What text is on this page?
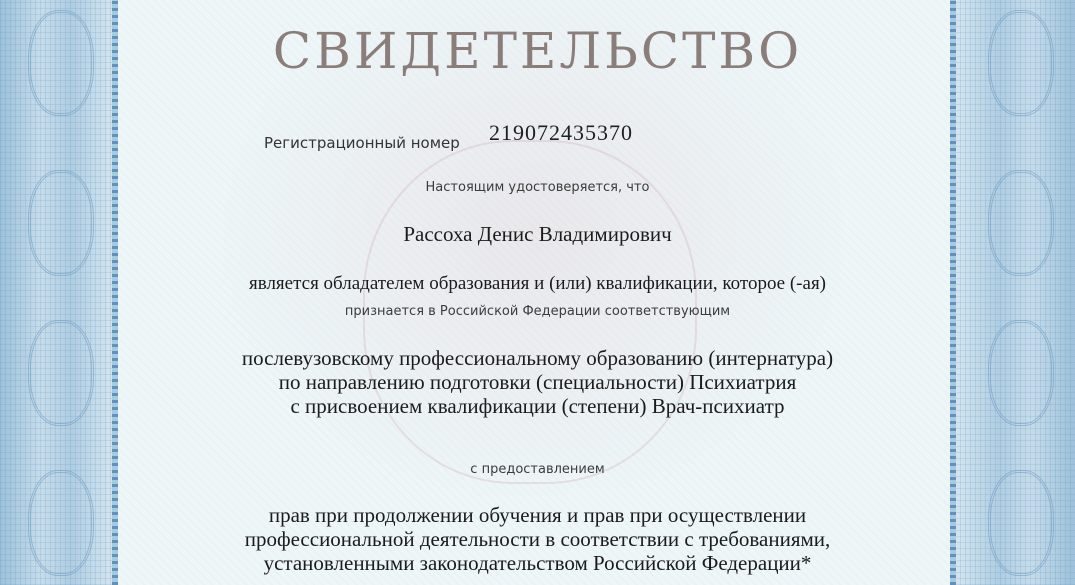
СВИДЕТЕЛЬСТВО
Регистрационный номер 219072435370
Настоящим удостоверяется, что
Рассоха Денис Владимирович
является обладателем образования и (или) квалификации, которое (-ая)
признается в Российской Федерации соответствующим
послевузовскому профессиональному образованию (интернатура)
по направлению подготовки (специальности) Психиатрия
с присвоением квалификации (степени) Врач-психиатр
с предоставлением
прав при продолжении обучения и прав при осуществлении
профессиональной деятельности в соответствии с требованиями,
установленными законодательством Российской Федерации*
